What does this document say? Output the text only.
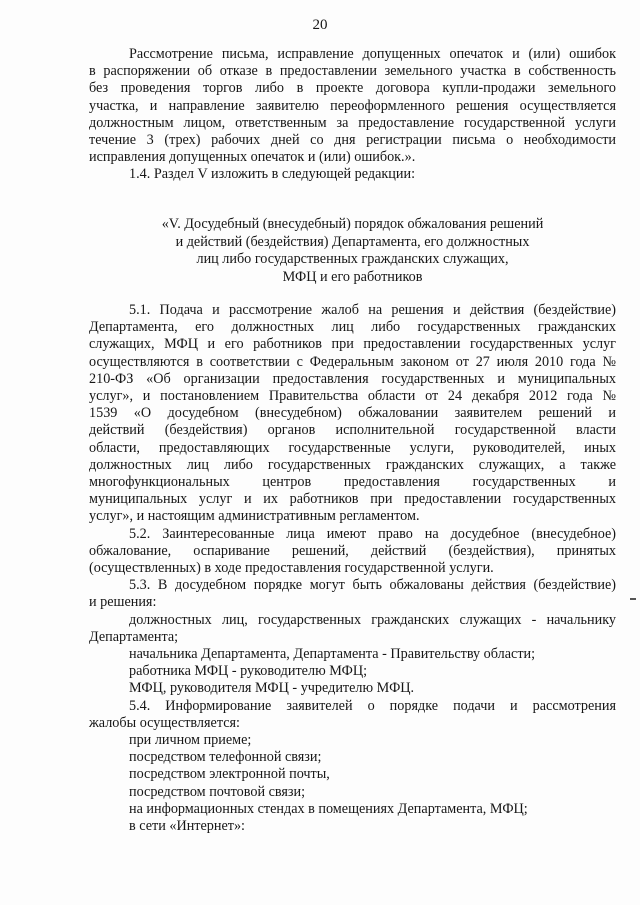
20
Рассмотрение письма, исправление допущенных опечаток и (или) ошибок
в распоряжении об отказе в предоставлении земельного участка в собственность
без проведения торгов либо в проекте договора купли-продажи земельного
участка, и направление заявителю переоформленного решения осуществляется
должностным лицом, ответственным за предоставление государственной услуги
течение 3 (трех) рабочих дней со дня регистрации письма о необходимости
исправления допущенных опечаток и (или) ошибок.».
1.4. Раздел V изложить в следующей редакции:
«V. Досудебный (внесудебный) порядок обжалования решений
и действий (бездействия) Департамента, его должностных
лиц либо государственных гражданских служащих,
МФЦ и его работников
5.1. Подача и рассмотрение жалоб на решения и действия (бездействие)
Департамента, его должностных лиц либо государственных гражданских
служащих, МФЦ и его работников при предоставлении государственных услуг
осуществляются в соответствии с Федеральным законом от 27 июля 2010 года №
210-ФЗ «Об организации предоставления государственных и муниципальных
услуг», и постановлением Правительства области от 24 декабря 2012 года №
1539 «О досудебном (внесудебном) обжаловании заявителем решений и
действий (бездействия) органов исполнительной государственной власти
области, предоставляющих государственные услуги, руководителей, иных
должностных лиц либо государственных гражданских служащих, а также
многофункциональных центров предоставления государственных и
муниципальных услуг и их работников при предоставлении государственных
услуг», и настоящим административным регламентом.
5.2. Заинтересованные лица имеют право на досудебное (внесудебное)
обжалование, оспаривание решений, действий (бездействия), принятых
(осуществленных) в ходе предоставления государственной услуги.
5.3. В досудебном порядке могут быть обжалованы действия (бездействие)
и решения:
должностных лиц, государственных гражданских служащих - начальнику
Департамента;
начальника Департамента, Департамента - Правительству области;
работника МФЦ - руководителю МФЦ;
МФЦ, руководителя МФЦ - учредителю МФЦ.
5.4. Информирование заявителей о порядке подачи и рассмотрения
жалобы осуществляется:
при личном приеме;
посредством телефонной связи;
посредством электронной почты,
посредством почтовой связи;
на информационных стендах в помещениях Департамента, МФЦ;
в сети «Интернет»:
